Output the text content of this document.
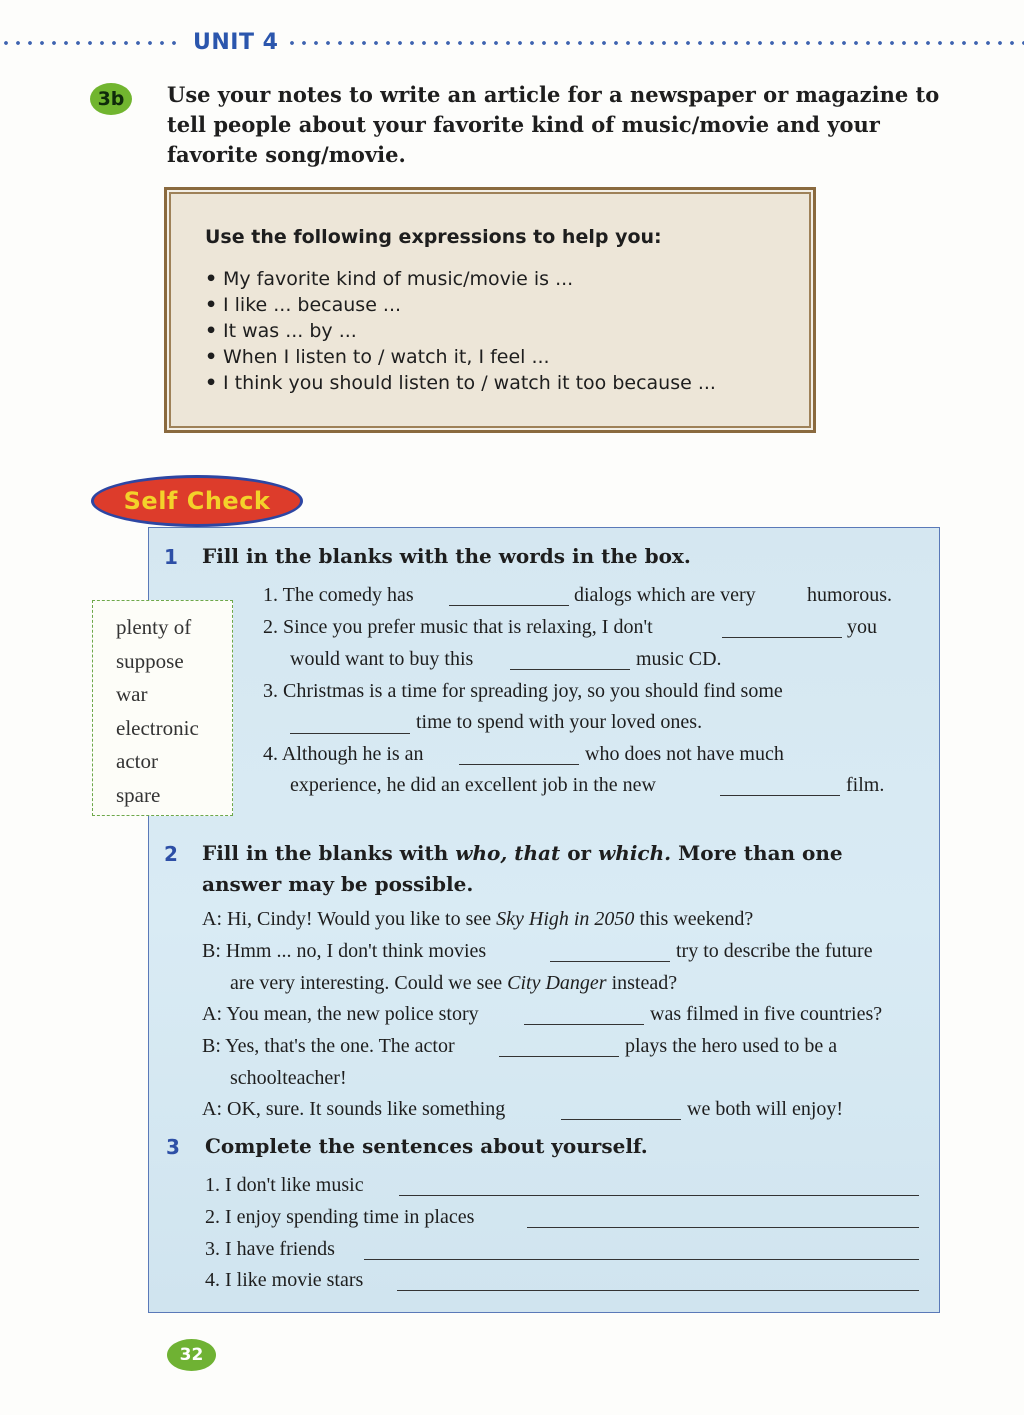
UNIT 4
3b	Use your notes to write an article for a newspaper or magazine to tell people about your favorite kind of music/movie and your favorite song/movie.
Use the following expressions to help you:
• My favorite kind of music/movie is ...
• I like ... because ...
• It was ... by ...
• When I listen to / watch it, I feel ...
• I think you should listen to / watch it too because ...
Self Check
1 Fill in the blanks with the words in the box.
plenty of
suppose
war
electronic
actor
spare
1. The comedy has	dialogs which are very	humorous.
2. Since you prefer music that is relaxing, I don't	you
would want to buy this	music CD.
3. Christmas is a time for spreading joy, so you should find some
time to spend with your loved ones.
4. Although he is an	who does not have much
experience, he did an excellent job in the new	film.
2 Fill in the blanks with who, that or which. More than one
answer may be possible.
A: Hi, Cindy! Would you like to see Sky High in 2050 this weekend?
B: Hmm ... no, I don't think movies	try to describe the future
are very interesting. Could we see City Danger instead?
A: You mean, the new police story	was filmed in five countries?
B: Yes, that's the one. The actor	plays the hero used to be a
schoolteacher!
A: OK, sure. It sounds like something	we both will enjoy!
3 Complete the sentences about yourself.
1. I don't like music
2. I enjoy spending time in places
3. I have friends
4. I like movie stars
32
